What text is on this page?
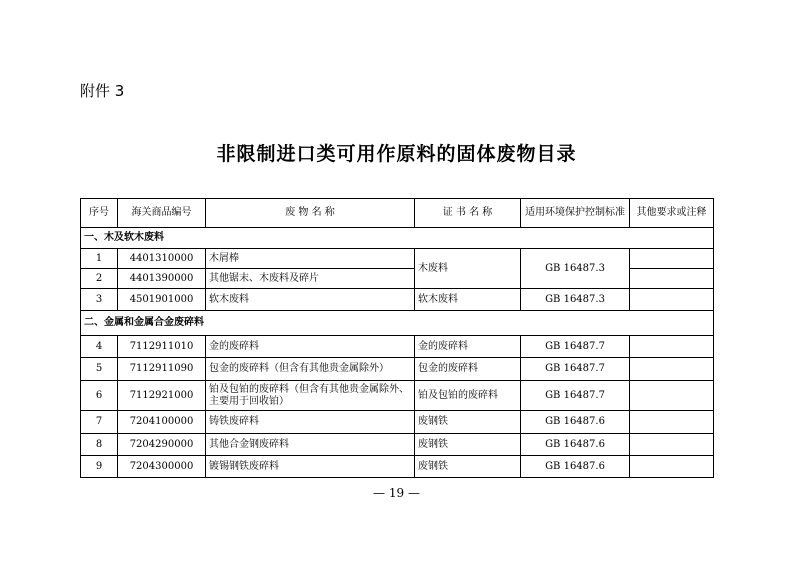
附件 3
非限制进口类可用作原料的固体废物目录
序号	海关商品编号	废 物 名 称	证 书 名 称	适用环境保护控制标准	其他要求或注释
一、木及软木废料					
1	4401310000	木屑棒	木废料	GB 16487.3	
2	4401390000	其他锯末、木废料及碎片			
3	4501901000	软木废料	软木废料	GB 16487.3	
二、金属和金属合金废碎料					
4	7112911010	金的废碎料	金的废碎料	GB 16487.7	
5	7112911090	包金的废碎料（但含有其他贵金属除外）	包金的废碎料	GB 16487.7	
6	7112921000	铂及包铂的废碎料（但含有其他贵金属除外、主要用于回收铂）	铂及包铂的废碎料	GB 16487.7	
7	7204100000	铸铁废碎料	废钢铁	GB 16487.6	
8	7204290000	其他合金钢废碎料	废钢铁	GB 16487.6	
9	7204300000	镀锡钢铁废碎料	废钢铁	GB 16487.6	
— 19 —
